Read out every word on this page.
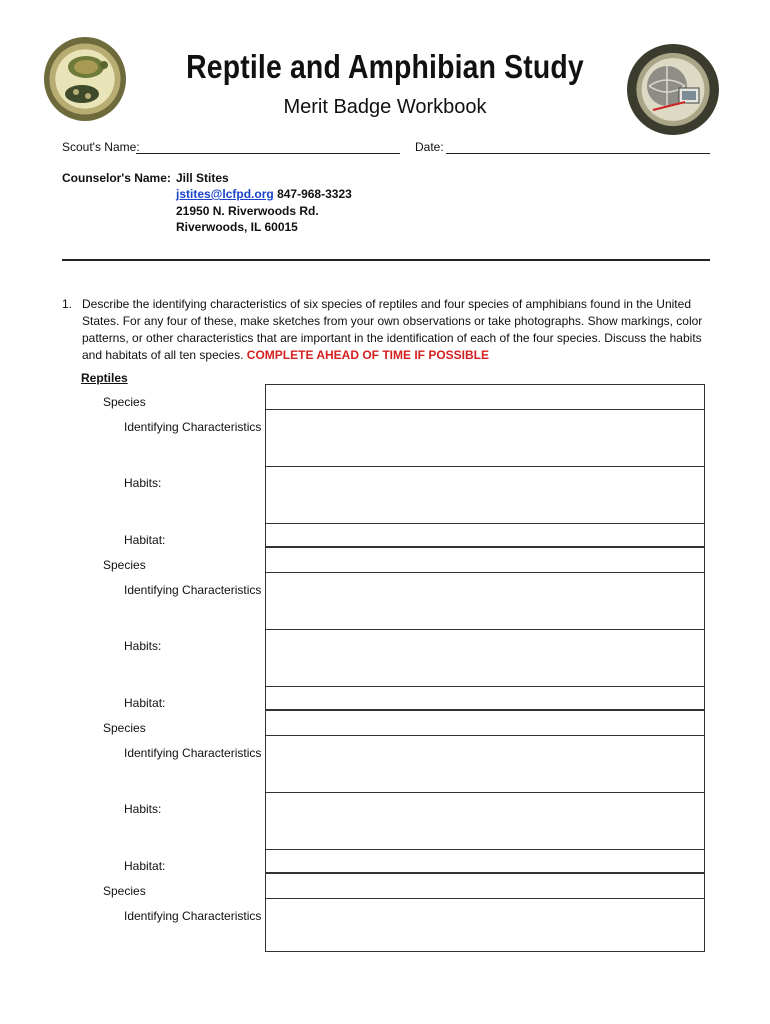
Reptile and Amphibian Study
Merit Badge Workbook
Scout's Name:	Date:
Counselor's Name: Jill Stites
jstites@lcfpd.org 847-968-3323
21950 N. Riverwoods Rd.
Riverwoods, IL 60015
1. Describe the identifying characteristics of six species of reptiles and four species of amphibians found in the United States. For any four of these, make sketches from your own observations or take photographs. Show markings, color patterns, or other characteristics that are important in the identification of each of the four species. Discuss the habits and habitats of all ten species. COMPLETE AHEAD OF TIME IF POSSIBLE
Reptiles
Species
Identifying Characteristics
Habits:
Habitat:
Species
Identifying Characteristics
Habits:
Habitat:
Species
Identifying Characteristics
Habits:
Habitat:
Species
Identifying Characteristics
